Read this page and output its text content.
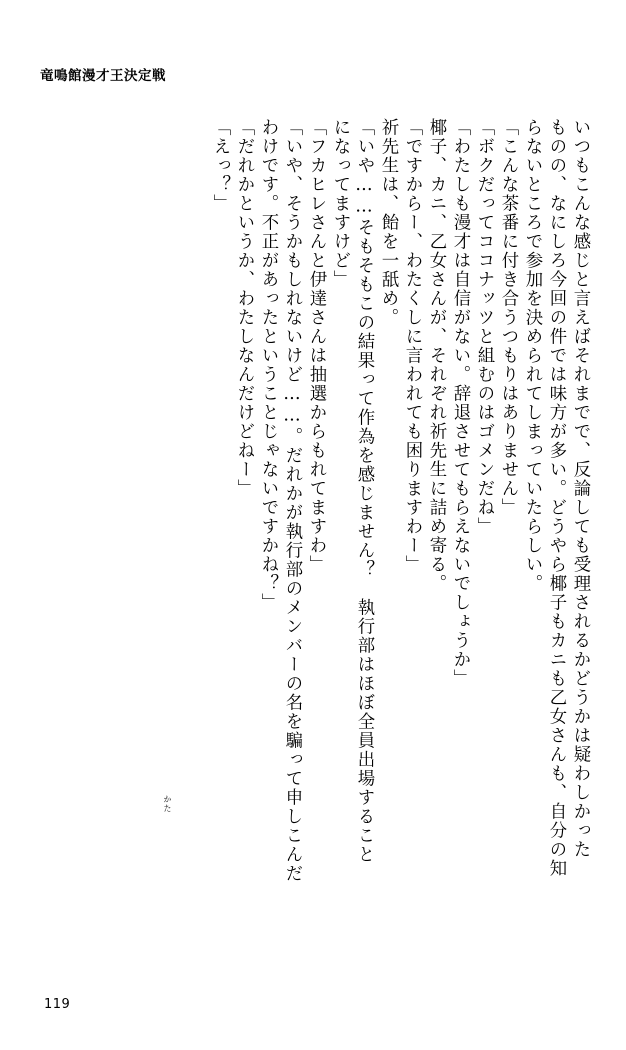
竜鳴館漫才王決定戦
「えっ？」 「だれかというか、わたしなんだけどねー」 わけです。不正があったということじゃないですかね？」 「いや、そうかもしれないけど……。だれかが執行部のメンバーの名を騙って申しこんだ 「フカヒレさんと伊達さんは抽選からもれてますわ」 になってますけど」 「いや……そもそもこの結果って作為を感じません？　執行部はほぼ全員出場すること 祈先生は、飴を一舐め。 「ですからー、わたくしに言われても困りますわー」 椰子、カニ、乙女さんが、それぞれ祈先生に詰め寄る。 「わたしも漫才は自信がない。辞退させてもらえないでしょうか」 「ボクだってココナッツと組むのはゴメンだね」 「こんな茶番に付き合うつもりはありません」 らないところで参加を決められてしまっていたらしい。 ものの、なにしろ今回の件では味方が多い。どうやら椰子もカニも乙女さんも、自分の知 いつもこんな感じと言えばそれまでで、反論しても受理されるかどうかは疑わしかった
かた
119
